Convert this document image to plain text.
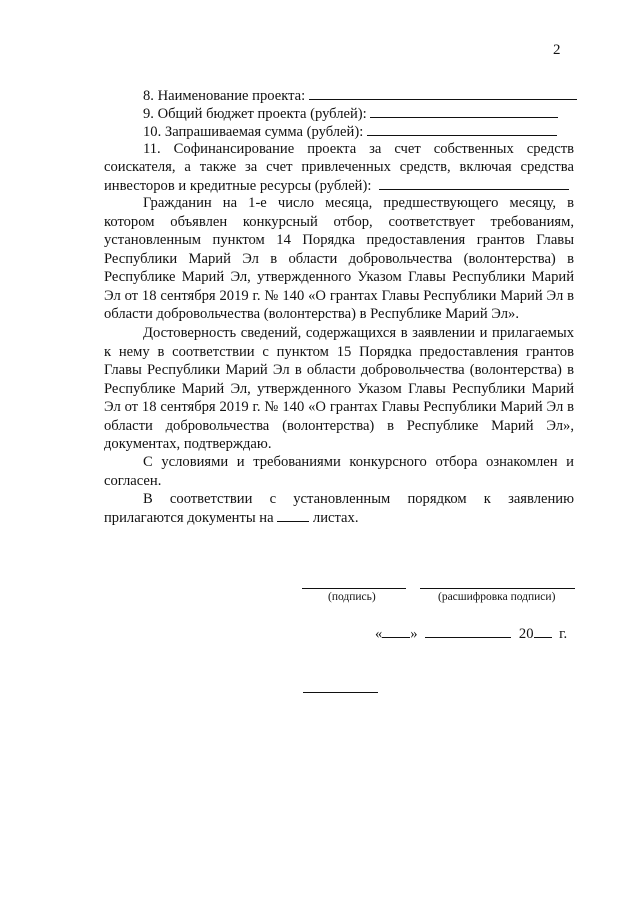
2
8. Наименование проекта:
9. Общий бюджет проекта (рублей):
10. Запрашиваемая сумма (рублей):
11. Софинансирование проекта за счет собственных средств
соискателя, а также за счет привлеченных средств, включая средства
инвесторов и кредитные ресурсы (рублей):
Гражданин на 1-е число месяца, предшествующего месяцу, в котором объявлен конкурсный отбор, соответствует требованиям, установленным пунктом 14 Порядка предоставления грантов Главы Республики Марий Эл в области добровольчества (волонтерства) в Республике Марий Эл, утвержденного Указом Главы Республики Марий Эл от 18 сентября 2019 г. № 140 «О грантах Главы Республики Марий Эл в области добровольчества (волонтерства) в Республике Марий Эл».
Достоверность сведений, содержащихся в заявлении и прилагаемых к нему в соответствии с пунктом 15 Порядка предоставления грантов Главы Республики Марий Эл в области добровольчества (волонтерства) в Республике Марий Эл, утвержденного Указом Главы Республики Марий Эл от 18 сентября 2019 г. № 140 «О грантах Главы Республики Марий Эл в области добровольчества (волонтерства) в Республике Марий Эл», документах, подтверждаю.
С условиями и требованиями конкурсного отбора ознакомлен и согласен.
В соответствии с установленным порядком к заявлению прилагаются документы на	листах.
(подпись)	(расшифровка подписи)
« »	20 г.
